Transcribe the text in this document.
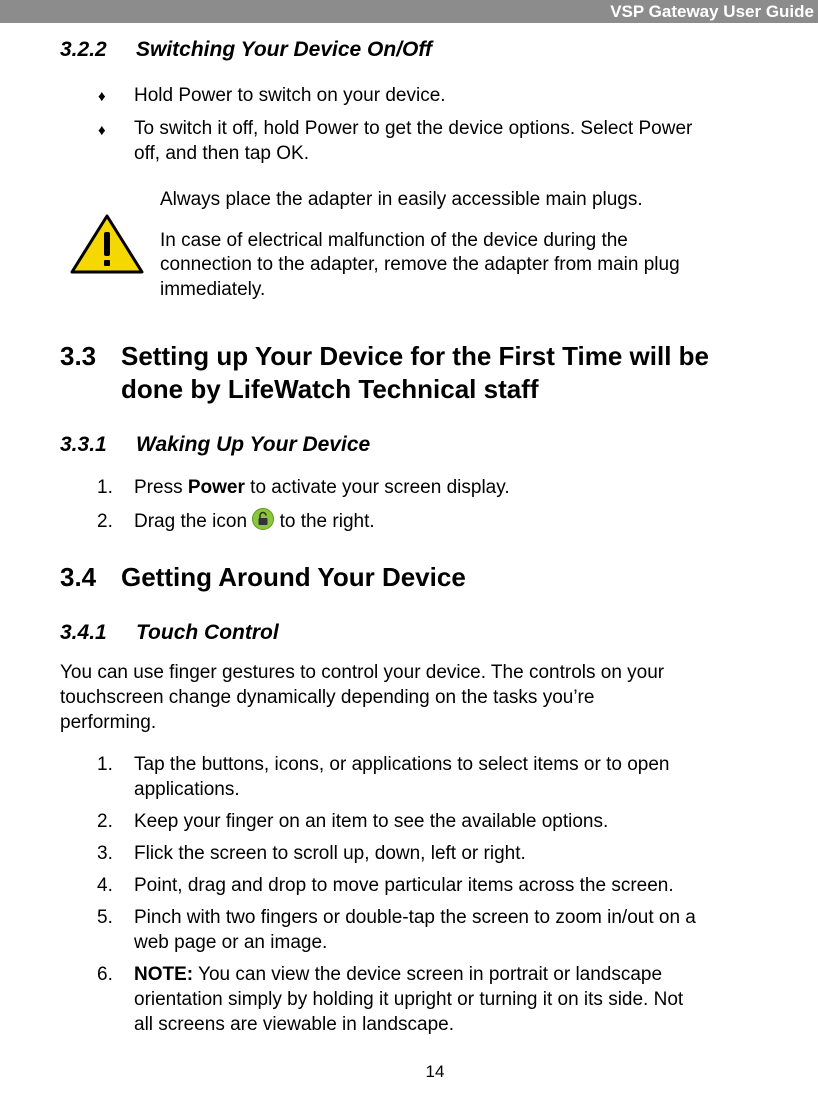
VSP Gateway User Guide
3.2.2 Switching Your Device On/Off
♦ Hold Power to switch on your device.
♦ To switch it off, hold Power to get the device options. Select Power
off, and then tap OK.
Always place the adapter in easily accessible main plugs.
In case of electrical malfunction of the device during the
connection to the adapter, remove the adapter from main plug
immediately.
3.3 Setting up Your Device for the First Time will be
done by LifeWatch Technical staff
3.3.1 Waking Up Your Device
1. Press Power to activate your screen display.
2. Drag the icon  to the right.
3.4 Getting Around Your Device
3.4.1 Touch Control
You can use finger gestures to control your device. The controls on your
touchscreen change dynamically depending on the tasks you’re
performing.
1. Tap the buttons, icons, or applications to select items or to open
applications.
2. Keep your finger on an item to see the available options.
3. Flick the screen to scroll up, down, left or right.
4. Point, drag and drop to move particular items across the screen.
5. Pinch with two fingers or double-tap the screen to zoom in/out on a
web page or an image.
6. NOTE: You can view the device screen in portrait or landscape
orientation simply by holding it upright or turning it on its side. Not
all screens are viewable in landscape.
14
